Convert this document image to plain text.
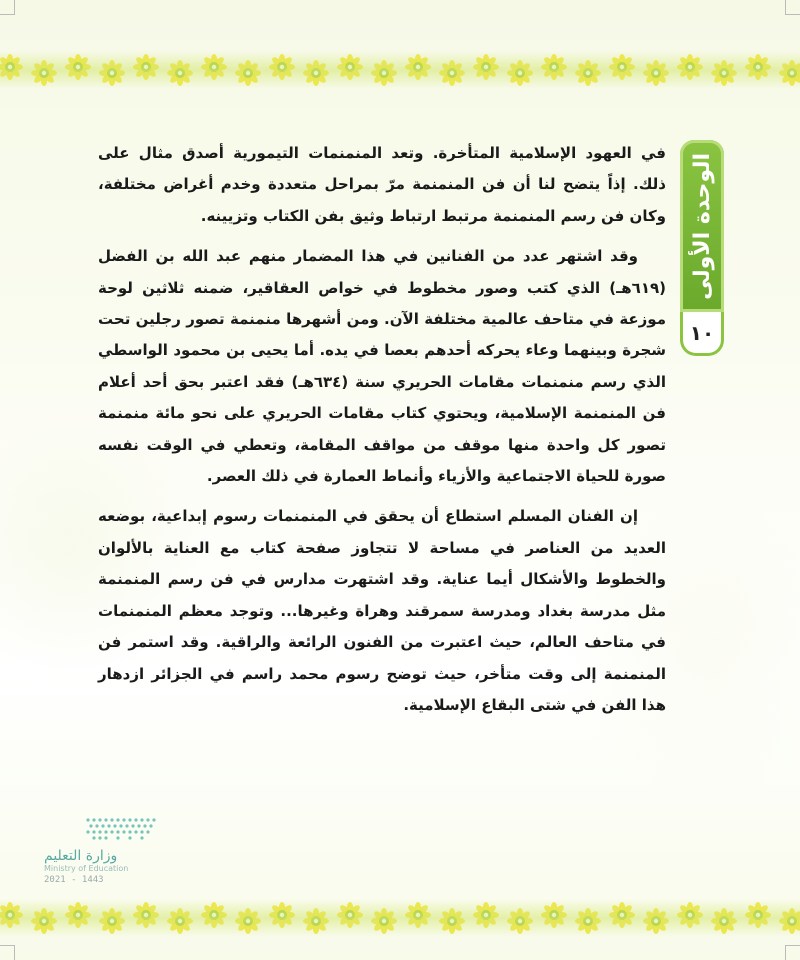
الوحدة الأولى
١٠

في العهود الإسلامية المتأخرة. وتعد المنمنمات التيمورية أصدق مثال على ذلك. إذاً يتضح لنا أن فن المنمنمة مرّ بمراحل متعددة وخدم أغراض مختلفة، وكان فن رسم المنمنمة مرتبط ارتباط وثيق بفن الكتاب وتزيينه.

وقد اشتهر عدد من الفنانين في هذا المضمار منهم عبد الله بن الفضل (٦١٩هـ) الذي كتب وصور مخطوط في خواص العقاقير، ضمنه ثلاثين لوحة موزعة في متاحف عالمية مختلفة الآن. ومن أشهرها منمنمة تصور رجلين تحت شجرة وبينهما وعاء يحركه أحدهم بعصا في يده. أما يحيى بن محمود الواسطي الذي رسم منمنمات مقامات الحريري سنة (٦٣٤هـ) فقد اعتبر بحق أحد أعلام فن المنمنمة الإسلامية، ويحتوي كتاب مقامات الحريري على نحو مائة منمنمة تصور كل واحدة منها موقف من مواقف المقامة، وتعطي في الوقت نفسه صورة للحياة الاجتماعية والأزياء وأنماط العمارة في ذلك العصر.

إن الفنان المسلم استطاع أن يحقق في المنمنمات رسوم إبداعية، بوضعه العديد من العناصر في مساحة لا تتجاوز صفحة كتاب مع العناية بالألوان والخطوط والأشكال أيما عناية. وقد اشتهرت مدارس في فن رسم المنمنمة مثل مدرسة بغداد ومدرسة سمرقند وهراة وغيرها... وتوجد معظم المنمنمات في متاحف العالم، حيث اعتبرت من الفنون الرائعة والراقية. وقد استمر فن المنمنمة إلى وقت متأخر، حيث توضح رسوم محمد راسم في الجزائر ازدهار هذا الفن في شتى البقاع الإسلامية.

وزارة التعليم
Ministry of Education
2021 - 1443
